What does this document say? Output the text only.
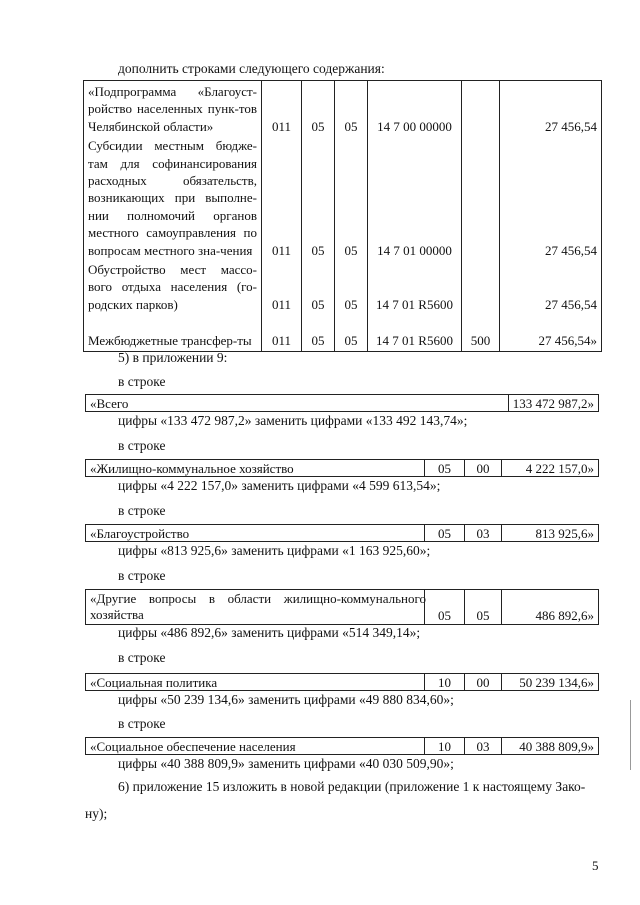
дополнить строками следующего содержания:
«Подпрограмма «Благоуст-ройство населенных пунк-тов Челябинской области»	011	05	05	14 7 00 00000		27 456,54
Субсидии местным бюдже-там для софинансирования расходных обязательств, возникающих при выполне-нии полномочий органов местного самоуправления по вопросам местного зна-чения	011	05	05	14 7 01 00000		27 456,54
Обустройство мест массо-вого отдыха населения (го-родских парков)	011	05	05	14 7 01 R5600		27 456,54
Межбюджетные трансфер-ты	011	05	05	14 7 01 R5600	500	27 456,54»
5) в приложении 9:
в строке
«Всего	133 472 987,2»
цифры «133 472 987,2» заменить цифрами «133 492 143,74»;
в строке
«Жилищно-коммунальное хозяйство	05	00	4 222 157,0»
цифры «4 222 157,0» заменить цифрами «4 599 613,54»;
в строке
«Благоустройство	05	03	813 925,6»
цифры «813 925,6» заменить цифрами «1 163 925,60»;
в строке
«Другие вопросы в области жилищно-коммунального хозяйства	05	05	486 892,6»
цифры «486 892,6» заменить цифрами «514 349,14»;
в строке
«Социальная политика	10	00	50 239 134,6»
цифры «50 239 134,6» заменить цифрами «49 880 834,60»;
в строке
«Социальное обеспечение населения	10	03	40 388 809,9»
цифры «40 388 809,9» заменить цифрами «40 030 509,90»;
6) приложение 15 изложить в новой редакции (приложение 1 к настоящему Зако-
ну);
5
